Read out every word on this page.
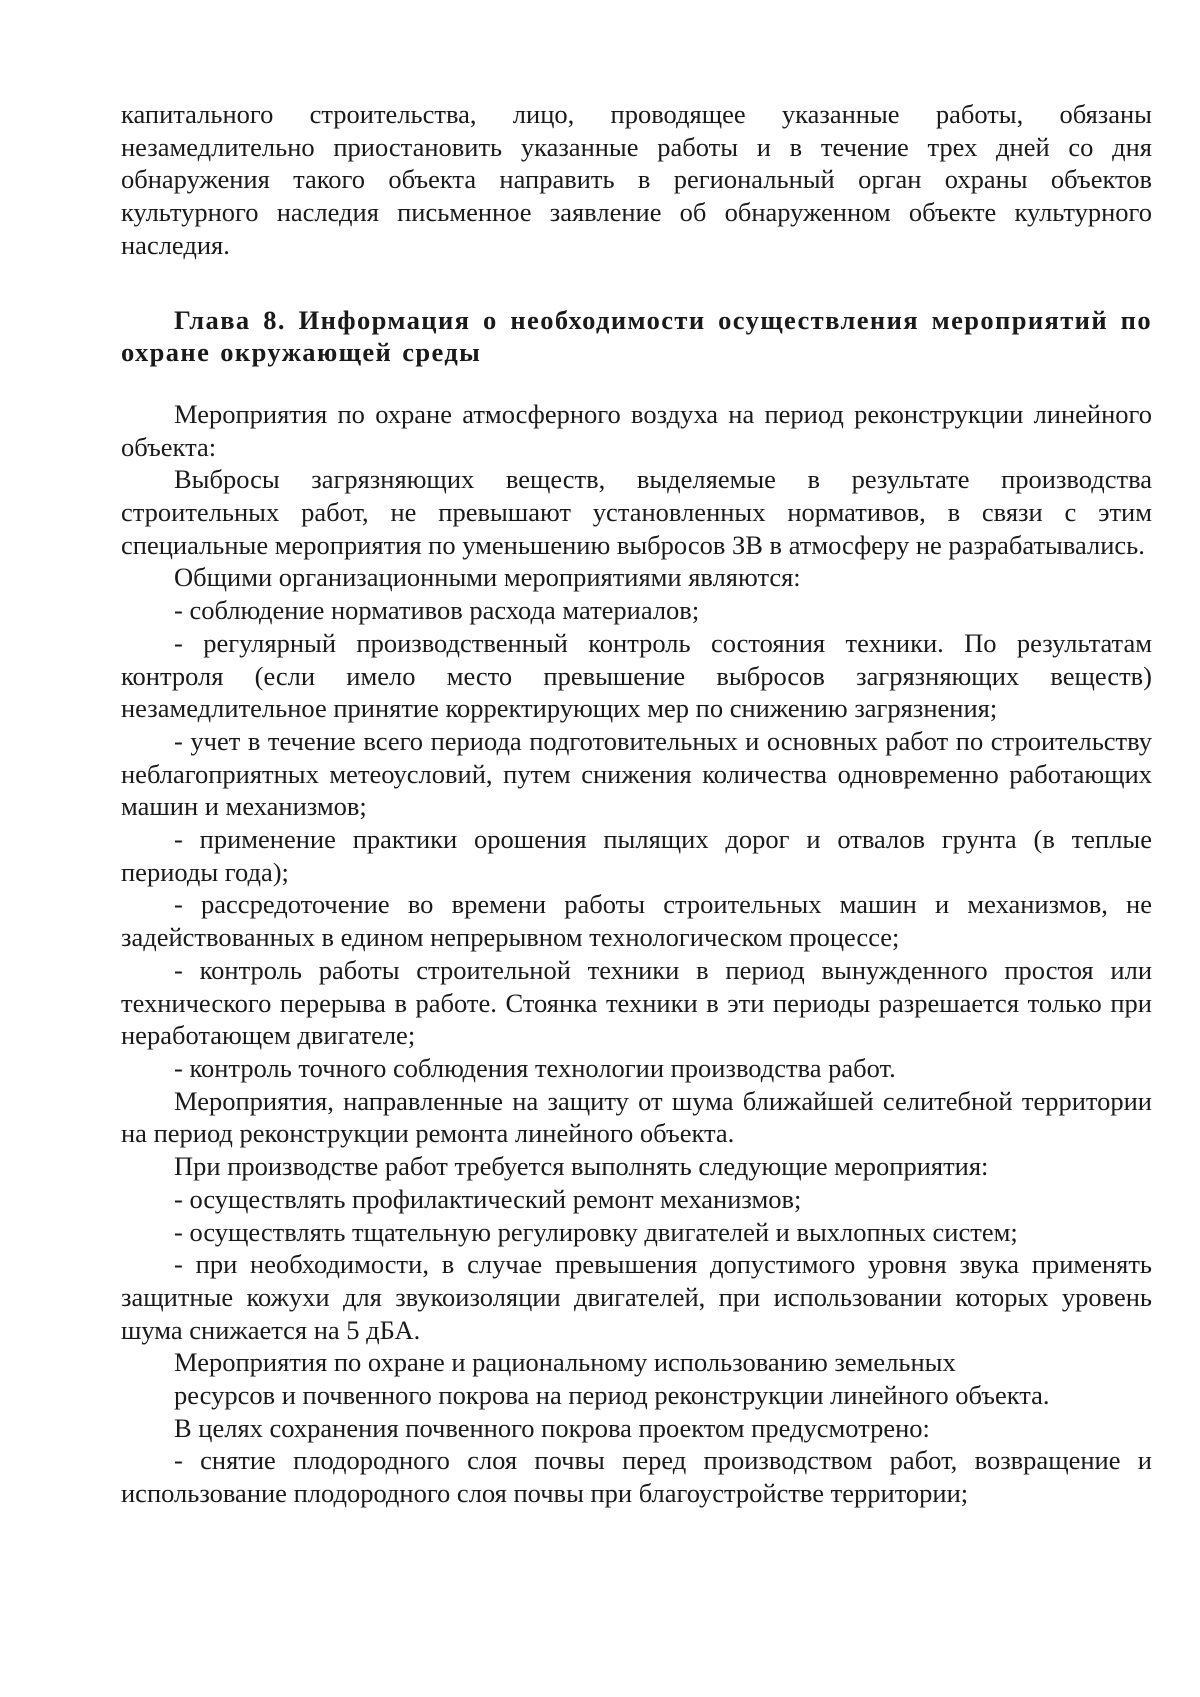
капитального строительства, лицо, проводящее указанные работы, обязаны незамедлительно приостановить указанные работы и в течение трех дней со дня обнаружения такого объекта направить в региональный орган охраны объектов культурного наследия письменное заявление об обнаруженном объекте культурного наследия.

Глава 8. Информация о необходимости осуществления мероприятий по охране окружающей среды

Мероприятия по охране атмосферного воздуха на период реконструкции линейного объекта:

Выбросы загрязняющих веществ, выделяемые в результате производства строительных работ, не превышают установленных нормативов, в связи с этим специальные мероприятия по уменьшению выбросов ЗВ в атмосферу не разрабатывались.

Общими организационными мероприятиями являются:

- соблюдение нормативов расхода материалов;

- регулярный производственный контроль состояния техники. По результатам контроля (если имело место превышение выбросов загрязняющих веществ) незамедлительное принятие корректирующих мер по снижению загрязнения;

- учет в течение всего периода подготовительных и основных работ по строительству неблагоприятных метеоусловий, путем снижения количества одновременно работающих машин и механизмов;

- применение практики орошения пылящих дорог и отвалов грунта (в теплые периоды года);

- рассредоточение во времени работы строительных машин и механизмов, не задействованных в едином непрерывном технологическом процессе;

- контроль работы строительной техники в период вынужденного простоя или технического перерыва в работе. Стоянка техники в эти периоды разрешается только при неработающем двигателе;

- контроль точного соблюдения технологии производства работ.

Мероприятия, направленные на защиту от шума ближайшей селитебной территории на период реконструкции ремонта линейного объекта.

При производстве работ требуется выполнять следующие мероприятия:

- осуществлять профилактический ремонт механизмов;

- осуществлять тщательную регулировку двигателей и выхлопных систем;

- при необходимости, в случае превышения допустимого уровня звука применять защитные кожухи для звукоизоляции двигателей, при использовании которых уровень шума снижается на 5 дБА.

Мероприятия по охране и рациональному использованию земельных

ресурсов и почвенного покрова на период реконструкции линейного объекта.

В целях сохранения почвенного покрова проектом предусмотрено:

- снятие плодородного слоя почвы перед производством работ, возвращение и использование плодородного слоя почвы при благоустройстве территории;
